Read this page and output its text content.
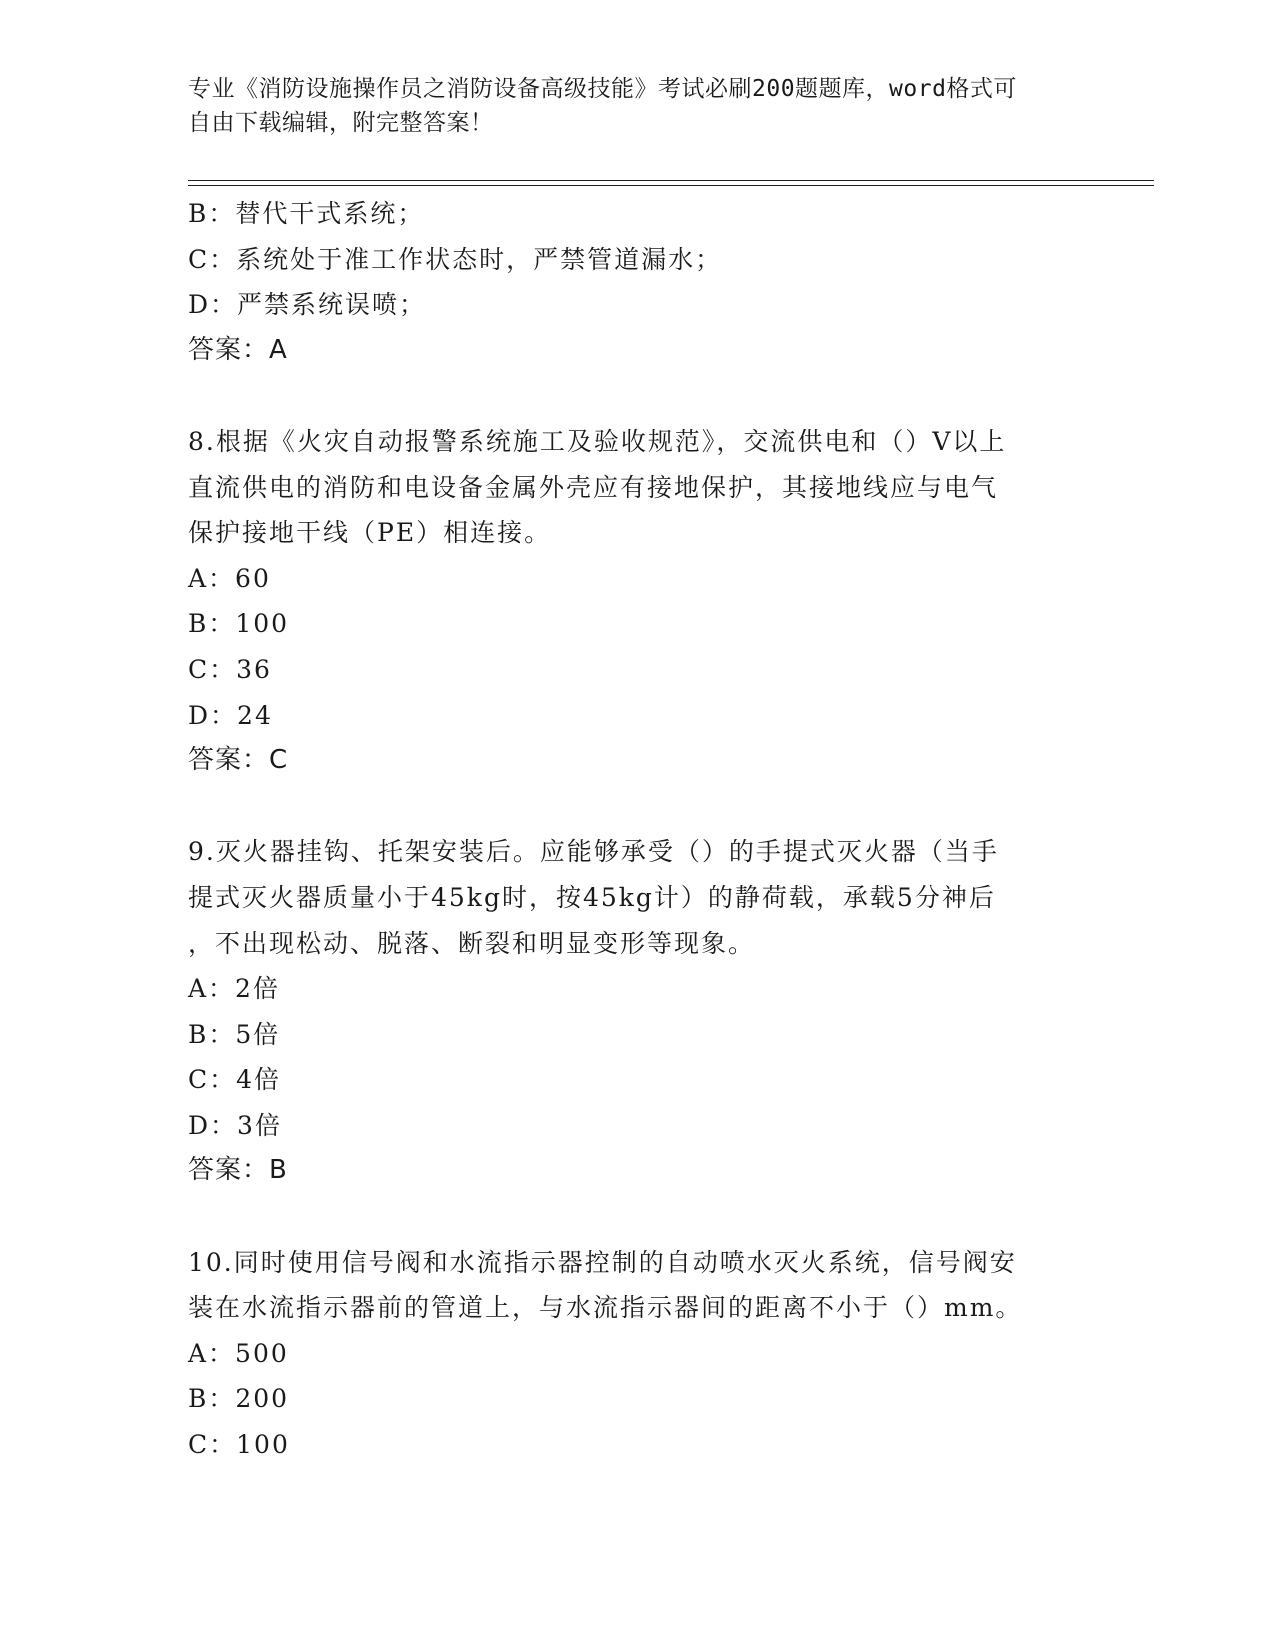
专业《消防设施操作员之消防设备高级技能》考试必刷200题题库，word格式可
自由下载编辑，附完整答案！
B：替代干式系统；
C：系统处于准工作状态时，严禁管道漏水；
D：严禁系统误喷；
答案：A
8.根据《火灾自动报警系统施工及验收规范》，交流供电和（）V以上
直流供电的消防和电设备金属外壳应有接地保护，其接地线应与电气
保护接地干线（PE）相连接。
A：60
B：100
C：36
D：24
答案：C
9.灭火器挂钩、托架安装后。应能够承受（）的手提式灭火器（当手
提式灭火器质量小于45kg时，按45kg计）的静荷载，承载5分神后
，不出现松动、脱落、断裂和明显变形等现象。
A：2倍
B：5倍
C：4倍
D：3倍
答案：B
10.同时使用信号阀和水流指示器控制的自动喷水灭火系统，信号阀安
装在水流指示器前的管道上，与水流指示器间的距离不小于（）mm。
A：500
B：200
C：100
